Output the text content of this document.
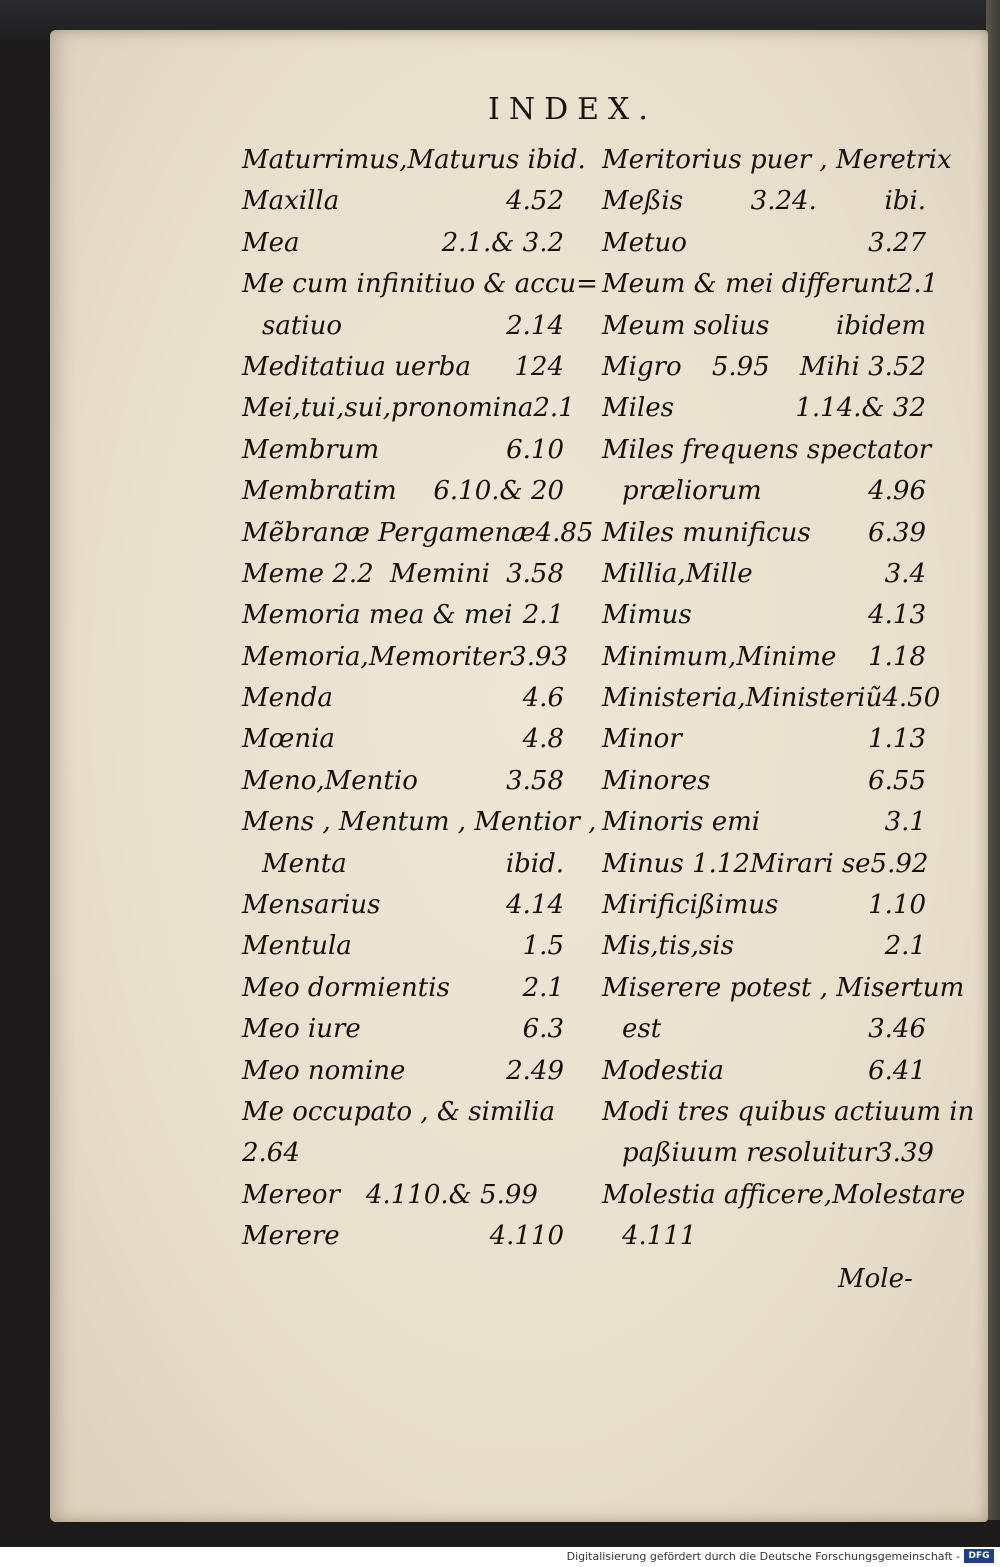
INDEX.
Maturrimus,Maturus ibid.
Maxilla	4.52
Mea	2.1.& 3.2
Me cum infinitiuo & accu=
satiuo	2.14
Meditatiua uerba 124
Mei,tui,sui,pronomina 2.1
Membrum	6.10
Membratim 6.10.& 20
Mẽbranæ Pergamenæ 4.85
Meme 2.2 Memini 3.58
Memoria mea & mei 2.1
Memoria,Memoriter 3.93
Menda	4.6
Mœnia	4.8
Meno,Mentio	3.58
Mens , Mentum , Mentior ,
Menta	ibid.
Mensarius	4.14
Mentula	1.5
Meo dormientis	2.1
Meo iure	6.3
Meo nomine	2.49
Me occupato , & similia
2.64
Mereor 4.110.& 5.99
Merere	4.110
Meritorius puer , Meretrix
Meßis	3.24.	ibi.
Metuo	3.27
Meum & mei differunt 2.1
Meum solius	ibidem
Migro 5.95 Mihi 3.52
Miles	1.14.& 32
Miles frequens spectator
præliorum	4.96
Miles munificus 6.39
Millia,Mille	3.4
Mimus	4.13
Minimum,Minime 1.18
Ministeria,Ministeriũ 4.50
Minor	1.13
Minores	6.55
Minoris emi	3.1
Minus 1.12 Mirari se 5.92
Mirificißimus	1.10
Mis,tis,sis	2.1
Miserere potest , Misertum
est	3.46
Modestia	6.41
Modi tres quibus actiuum in
paßiuum resoluitur 3.39
Molestia afficere,Molestare
4.111
Mole-
Digitalisierung gefördert durch die Deutsche Forschungsgemeinschaft - DFG
